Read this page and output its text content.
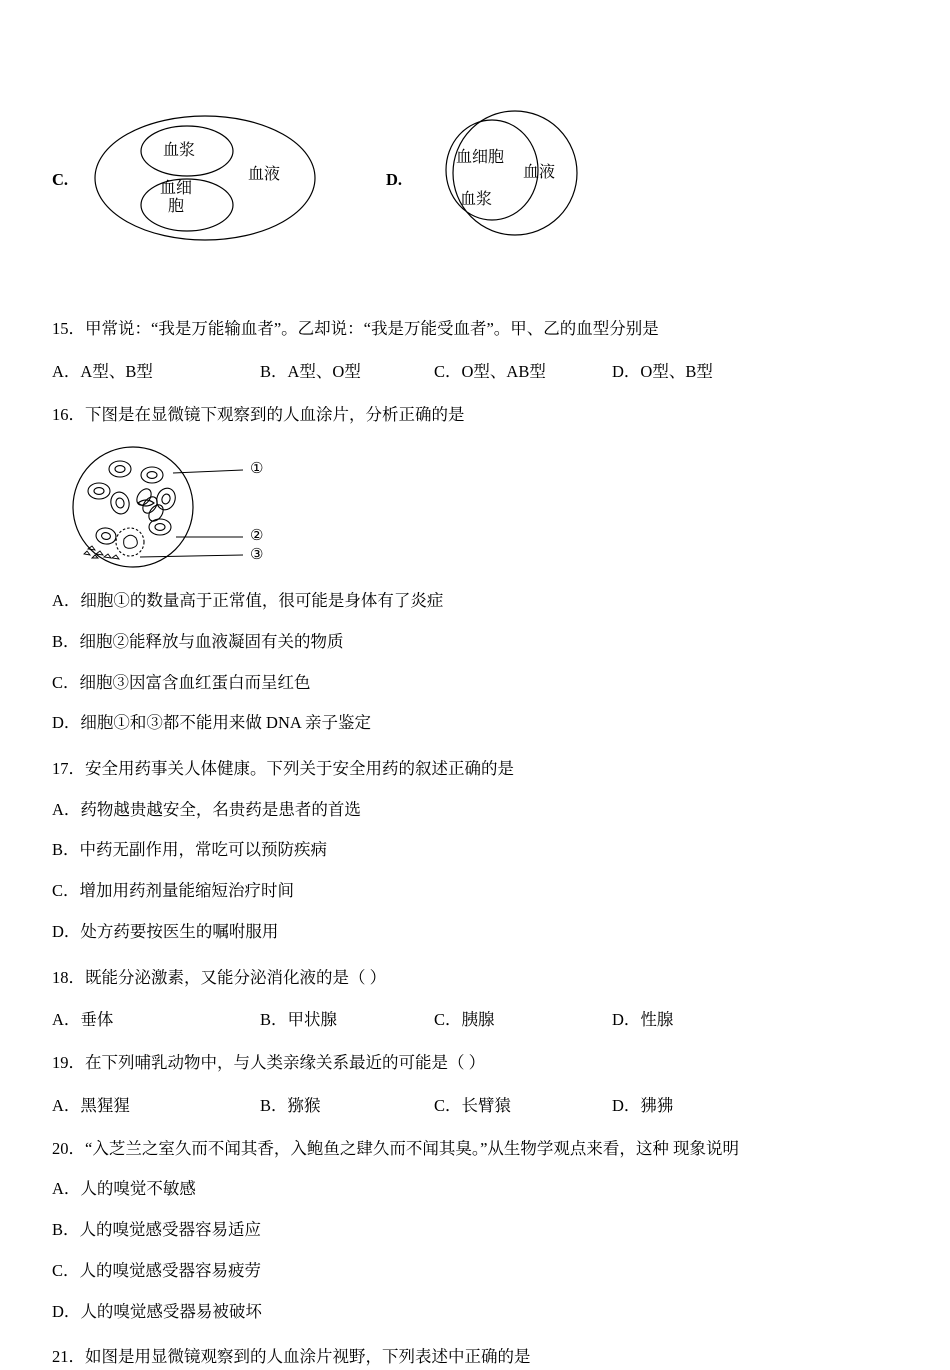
C.
血浆
血细胞
血液	D.
血细胞
血浆
血液
15．甲常说：“我是万能输血者”。乙却说：“我是万能受血者”。甲、乙的血型分别是
A．A型、B型	B．A型、O型	C．O型、AB型	D．O型、B型
16．下图是在显微镜下观察到的人血涂片，分析正确的是
①
②
③
A．细胞①的数量高于正常值，很可能是身体有了炎症
B．细胞②能释放与血液凝固有关的物质
C．细胞③因富含血红蛋白而呈红色
D．细胞①和③都不能用来做 DNA 亲子鉴定
17．安全用药事关人体健康。下列关于安全用药的叙述正确的是
A．药物越贵越安全，名贵药是患者的首选
B．中药无副作用，常吃可以预防疾病
C．增加用药剂量能缩短治疗时间
D．处方药要按医生的嘱咐服用
18．既能分泌激素，又能分泌消化液的是（ ）
A．垂体	B．甲状腺	C．胰腺	D．性腺
19．在下列哺乳动物中，与人类亲缘关系最近的可能是（ ）
A．黑猩猩	B．猕猴	C．长臂猿	D．狒狒
20．“入芝兰之室久而不闻其香，入鲍鱼之肆久而不闻其臭。”从生物学观点来看，这种 现象说明
A．人的嗅觉不敏感
B．人的嗅觉感受器容易适应
C．人的嗅觉感受器容易疲劳
D．人的嗅觉感受器易被破坏
21．如图是用显微镜观察到的人血涂片视野，下列表述中正确的是
